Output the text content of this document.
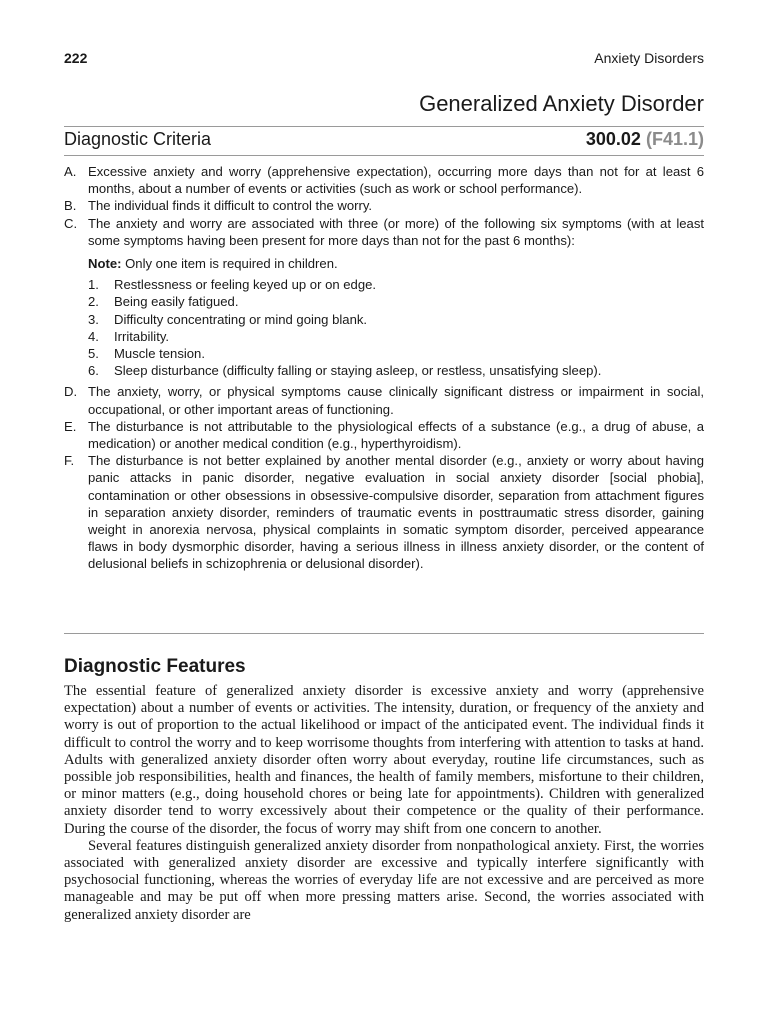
222	Anxiety Disorders
Generalized Anxiety Disorder
Diagnostic Criteria	300.02 (F41.1)
A. Excessive anxiety and worry (apprehensive expectation), occurring more days than not for at least 6 months, about a number of events or activities (such as work or school performance).
B. The individual finds it difficult to control the worry.
C. The anxiety and worry are associated with three (or more) of the following six symptoms (with at least some symptoms having been present for more days than not for the past 6 months):
Note: Only one item is required in children.
1.	Restlessness or feeling keyed up or on edge.
2.	Being easily fatigued.
3.	Difficulty concentrating or mind going blank.
4.	Irritability.
5.	Muscle tension.
6.	Sleep disturbance (difficulty falling or staying asleep, or restless, unsatisfying sleep).
D. The anxiety, worry, or physical symptoms cause clinically significant distress or impairment in social, occupational, or other important areas of functioning.
E. The disturbance is not attributable to the physiological effects of a substance (e.g., a drug of abuse, a medication) or another medical condition (e.g., hyperthyroidism).
F.	The disturbance is not better explained by another mental disorder (e.g., anxiety or worry about having panic attacks in panic disorder, negative evaluation in social anxiety disorder [social phobia], contamination or other obsessions in obsessive-compulsive disorder, separation from attachment figures in separation anxiety disorder, reminders of traumatic events in posttraumatic stress disorder, gaining weight in anorexia nervosa, physical complaints in somatic symptom disorder, perceived appearance flaws in body dysmorphic disorder, having a serious illness in illness anxiety disorder, or the content of delusional beliefs in schizophrenia or delusional disorder).
Diagnostic Features

The essential feature of generalized anxiety disorder is excessive anxiety and worry (apprehensive expectation) about a number of events or activities. The intensity, duration, or frequency of the anxiety and worry is out of proportion to the actual likelihood or impact of the anticipated event. The individual finds it difficult to control the worry and to keep worrisome thoughts from interfering with attention to tasks at hand. Adults with generalized anxiety disorder often worry about everyday, routine life circumstances, such as possible job responsibilities, health and finances, the health of family members, misfortune to their children, or minor matters (e.g., doing household chores or being late for appointments). Children with generalized anxiety disorder tend to worry excessively about their competence or the quality of their performance. During the course of the disorder, the focus of worry may shift from one concern to another.

Several features distinguish generalized anxiety disorder from nonpathological anxiety. First, the worries associated with generalized anxiety disorder are excessive and typically interfere significantly with psychosocial functioning, whereas the worries of everyday life are not excessive and are perceived as more manageable and may be put off when more pressing matters arise. Second, the worries associated with generalized anxiety disorder are
